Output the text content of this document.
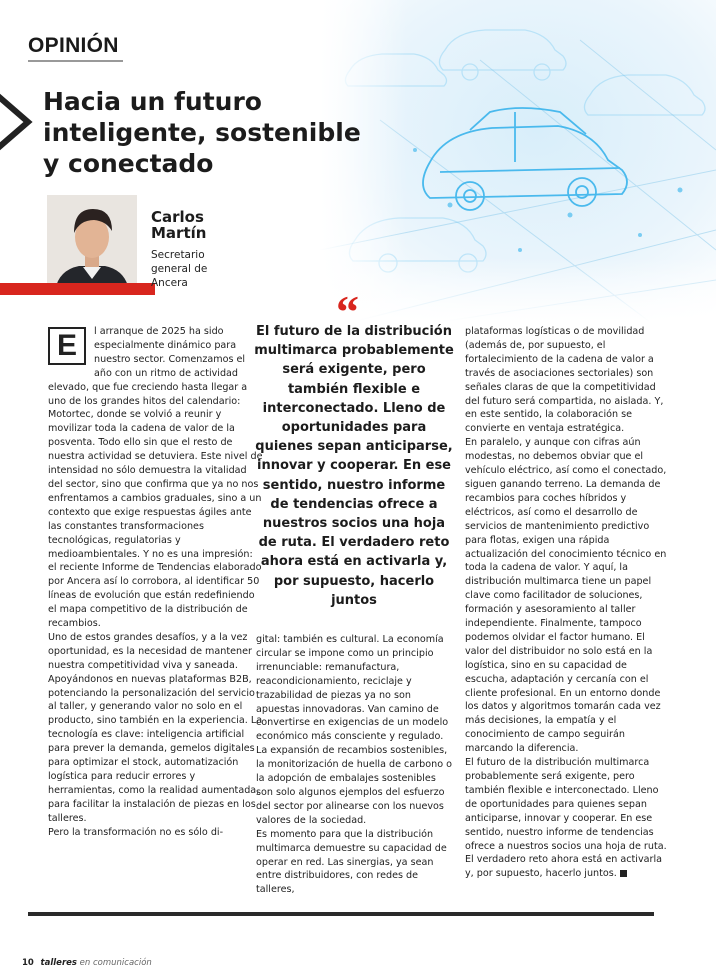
OPINIÓN
Hacia un futuro inteligente, sostenible y conectado
Carlos Martín
Secretario general de Ancera
E	l arranque de 2025 ha sido especialmente dinámico para nuestro sector. Comenzamos el año con un ritmo de actividad elevado, que fue creciendo hasta llegar a uno de los grandes hitos del calendario: Motortec, donde se volvió a reunir y movilizar toda la cadena de valor de la posventa. Todo ello sin que el resto de nuestra actividad se detuviera. Este nivel de intensidad no sólo demuestra la vitalidad del sector, sino que confirma que ya no nos enfrentamos a cambios graduales, sino a un contexto que exige respuestas ágiles ante las constantes transformaciones tecnológicas, regulatorias y medioambientales. Y no es una impresión: el reciente Informe de Tendencias elaborado por Ancera así lo corrobora, al identificar 50 líneas de evolución que están redefiniendo el mapa competitivo de la distribución de recambios.

Uno de estos grandes desafíos, y a la vez oportunidad, es la necesidad de mantener nuestra competitividad viva y saneada. Apoyándonos en nuevas plataformas B2B, potenciando la personalización del servicio al taller, y generando valor no solo en el producto, sino también en la experiencia. La tecnología es clave: inteligencia artificial para prever la demanda, gemelos digitales para optimizar el stock, automatización logística para reducir errores y herramientas, como la realidad aumentada, para facilitar la instalación de piezas en los talleres.

Pero la transformación no es sólo di-

“

El futuro de la distribución multimarca probablemente será exigente, pero también flexible e interconectado. Lleno de oportunidades para quienes sepan anticiparse, innovar y cooperar. En ese sentido, nuestro informe de tendencias ofrece a nuestros socios una hoja de ruta. El verdadero reto ahora está en activarla y, por supuesto, hacerlo juntos

gital: también es cultural. La economía circular se impone como un principio irrenunciable: remanufactura, reacondicionamiento, reciclaje y trazabilidad de piezas ya no son apuestas innovadoras. Van camino de convertirse en exigencias de un modelo económico más consciente y regulado. La expansión de recambios sostenibles, la monitorización de huella de carbono o la adopción de embalajes sostenibles son solo algunos ejemplos del esfuerzo del sector por alinearse con los nuevos valores de la sociedad.

Es momento para que la distribución multimarca demuestre su capacidad de operar en red. Las sinergias, ya sean entre distribuidores, con redes de talleres,

plataformas logísticas o de movilidad (además de, por supuesto, el fortalecimiento de la cadena de valor a través de asociaciones sectoriales) son señales claras de que la competitividad del futuro será compartida, no aislada. Y, en este sentido, la colaboración se convierte en ventaja estratégica.

En paralelo, y aunque con cifras aún modestas, no debemos obviar que el vehículo eléctrico, así como el conectado, siguen ganando terreno. La demanda de recambios para coches híbridos y eléctricos, así como el desarrollo de servicios de mantenimiento predictivo para flotas, exigen una rápida actualización del conocimiento técnico en toda la cadena de valor. Y aquí, la distribución multimarca tiene un papel clave como facilitador de soluciones, formación y asesoramiento al taller independiente. Finalmente, tampoco podemos olvidar el factor humano. El valor del distribuidor no solo está en la logística, sino en su capacidad de escucha, adaptación y cercanía con el cliente profesional. En un entorno donde los datos y algoritmos tomarán cada vez más decisiones, la empatía y el conocimiento de campo seguirán marcando la diferencia.

El futuro de la distribución multimarca probablemente será exigente, pero también flexible e interconectado. Lleno de oportunidades para quienes sepan anticiparse, innovar y cooperar. En ese sentido, nuestro informe de tendencias ofrece a nuestros socios una hoja de ruta. El verdadero reto ahora está en activarla y, por supuesto, hacerlo juntos.

10 talleres en comunicación
